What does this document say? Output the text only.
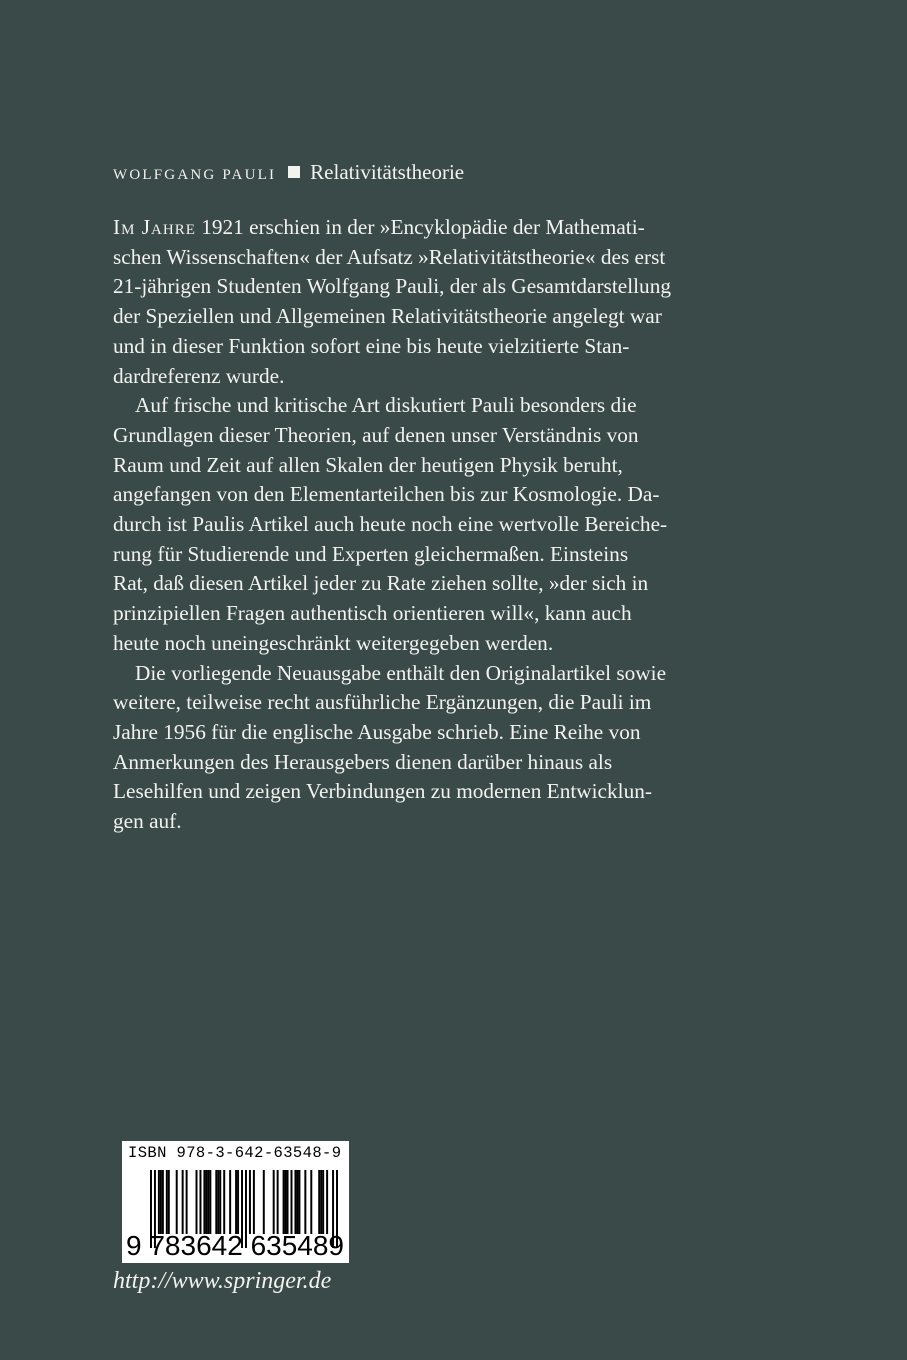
WOLFGANG PAULI Relativitätstheorie
Im Jahre 1921 erschien in der »Encyklopädie der Mathemati-
schen Wissenschaften« der Aufsatz »Relativitätstheorie« des erst
21-jährigen Studenten Wolfgang Pauli, der als Gesamtdarstellung
der Speziellen und Allgemeinen Relativitätstheorie angelegt war
und in dieser Funktion sofort eine bis heute vielzitierte Stan-
dardreferenz wurde.
Auf frische und kritische Art diskutiert Pauli besonders die
Grundlagen dieser Theorien, auf denen unser Verständnis von
Raum und Zeit auf allen Skalen der heutigen Physik beruht,
angefangen von den Elementarteilchen bis zur Kosmologie. Da-
durch ist Paulis Artikel auch heute noch eine wertvolle Bereiche-
rung für Studierende und Experten gleichermaßen. Einsteins
Rat, daß diesen Artikel jeder zu Rate ziehen sollte, »der sich in
prinzipiellen Fragen authentisch orientieren will«, kann auch
heute noch uneingeschränkt weitergegeben werden.
Die vorliegende Neuausgabe enthält den Originalartikel sowie
weitere, teilweise recht ausführliche Ergänzungen, die Pauli im
Jahre 1956 für die englische Ausgabe schrieb. Eine Reihe von
Anmerkungen des Herausgebers dienen darüber hinaus als
Lesehilfen und zeigen Verbindungen zu modernen Entwicklun-
gen auf.
ISBN 978-3-642-63548-9
9 783642 635489
http://www.springer.de
